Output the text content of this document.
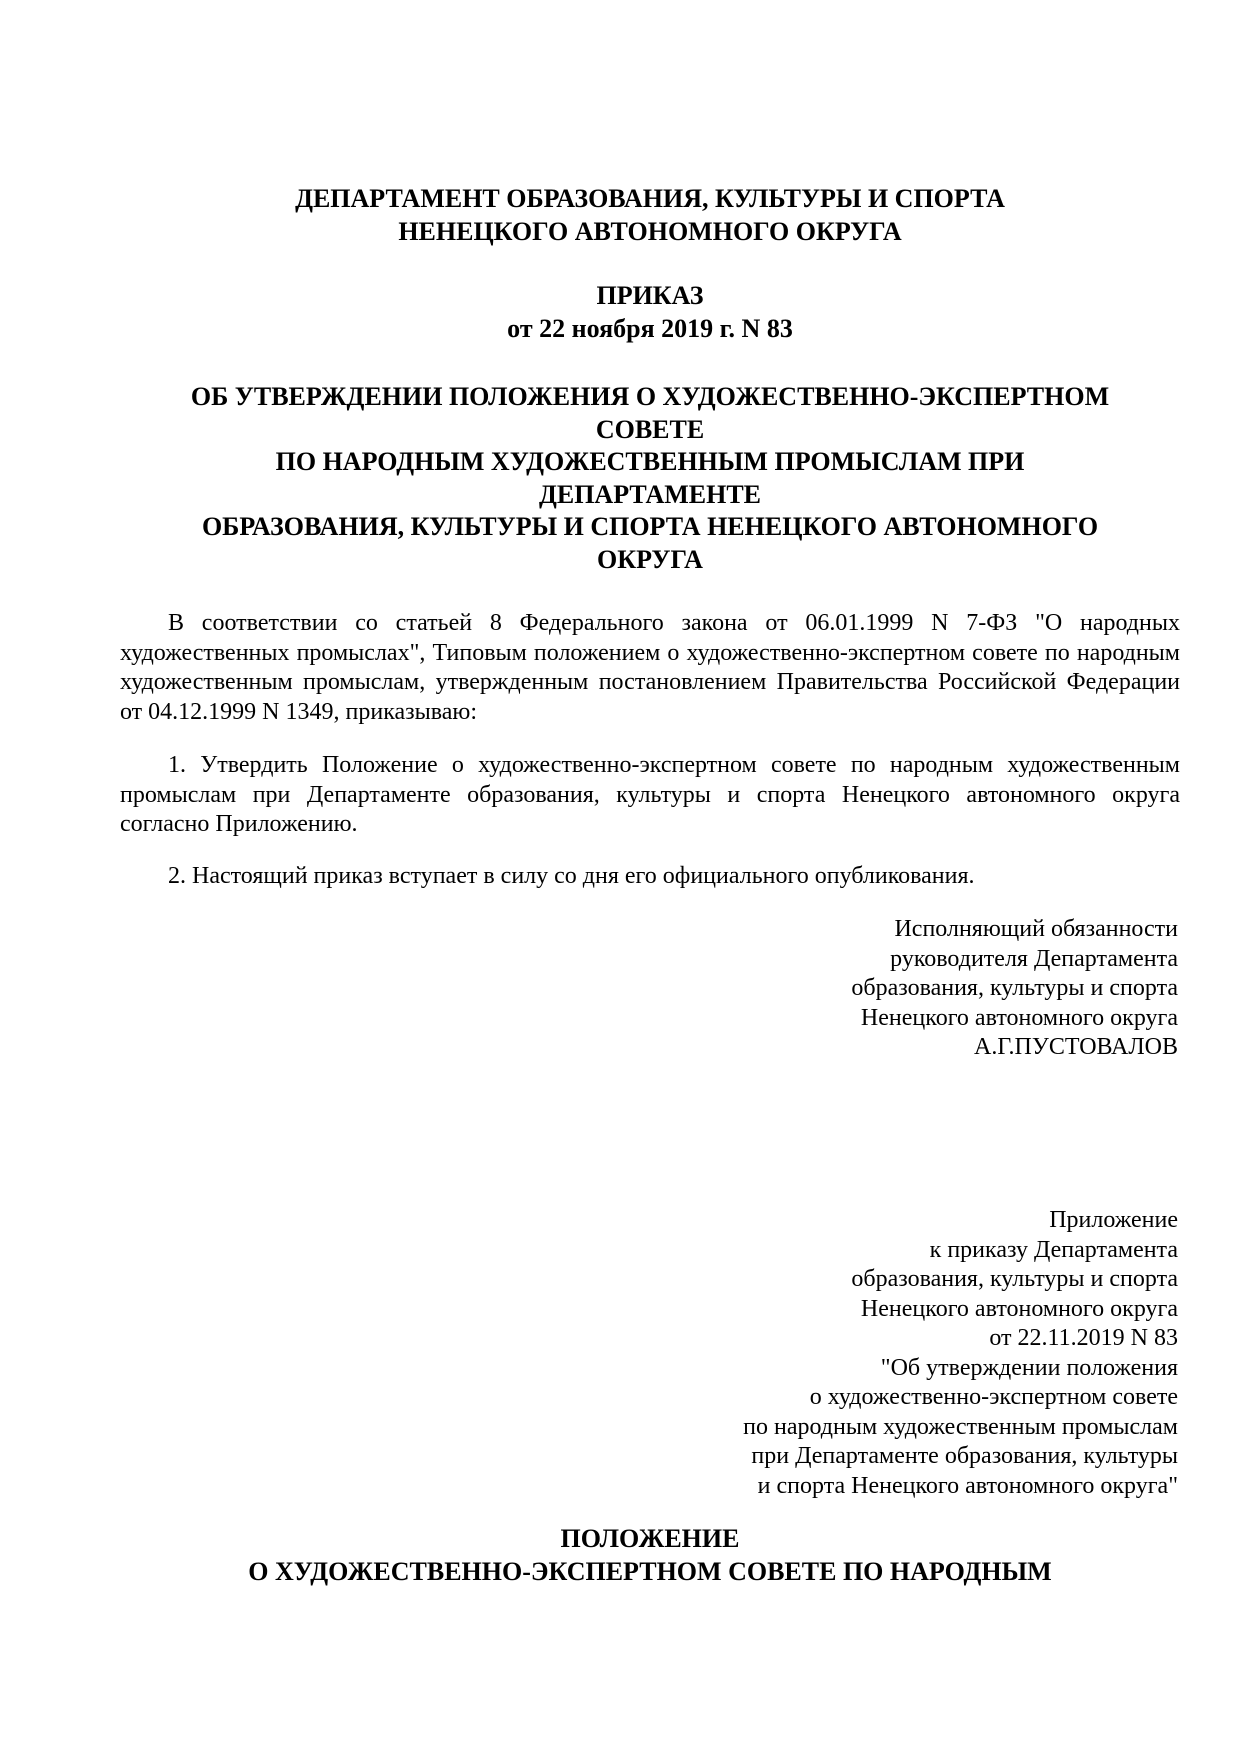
ДЕПАРТАМЕНТ ОБРАЗОВАНИЯ, КУЛЬТУРЫ И СПОРТА
НЕНЕЦКОГО АВТОНОМНОГО ОКРУГА
ПРИКАЗ
от 22 ноября 2019 г. N 83
ОБ УТВЕРЖДЕНИИ ПОЛОЖЕНИЯ О ХУДОЖЕСТВЕННО-ЭКСПЕРТНОМ
СОВЕТЕ
ПО НАРОДНЫМ ХУДОЖЕСТВЕННЫМ ПРОМЫСЛАМ ПРИ
ДЕПАРТАМЕНТЕ
ОБРАЗОВАНИЯ, КУЛЬТУРЫ И СПОРТА НЕНЕЦКОГО АВТОНОМНОГО
ОКРУГА
В соответствии со статьей 8 Федерального закона от 06.01.1999 N 7-ФЗ "О народных художественных промыслах", Типовым положением о художественно-экспертном совете по народным художественным промыслам, утвержденным постановлением Правительства Российской Федерации от 04.12.1999 N 1349, приказываю:
1. Утвердить Положение о художественно-экспертном совете по народным художественным промыслам при Департаменте образования, культуры и спорта Ненецкого автономного округа согласно Приложению.
2. Настоящий приказ вступает в силу со дня его официального опубликования.
Исполняющий обязанности
руководителя Департамента
образования, культуры и спорта
Ненецкого автономного округа
А.Г.ПУСТОВАЛОВ
Приложение
к приказу Департамента
образования, культуры и спорта
Ненецкого автономного округа
от 22.11.2019 N 83
"Об утверждении положения
о художественно-экспертном совете
по народным художественным промыслам
при Департаменте образования, культуры
и спорта Ненецкого автономного округа"
ПОЛОЖЕНИЕ
О ХУДОЖЕСТВЕННО-ЭКСПЕРТНОМ СОВЕТЕ ПО НАРОДНЫМ
